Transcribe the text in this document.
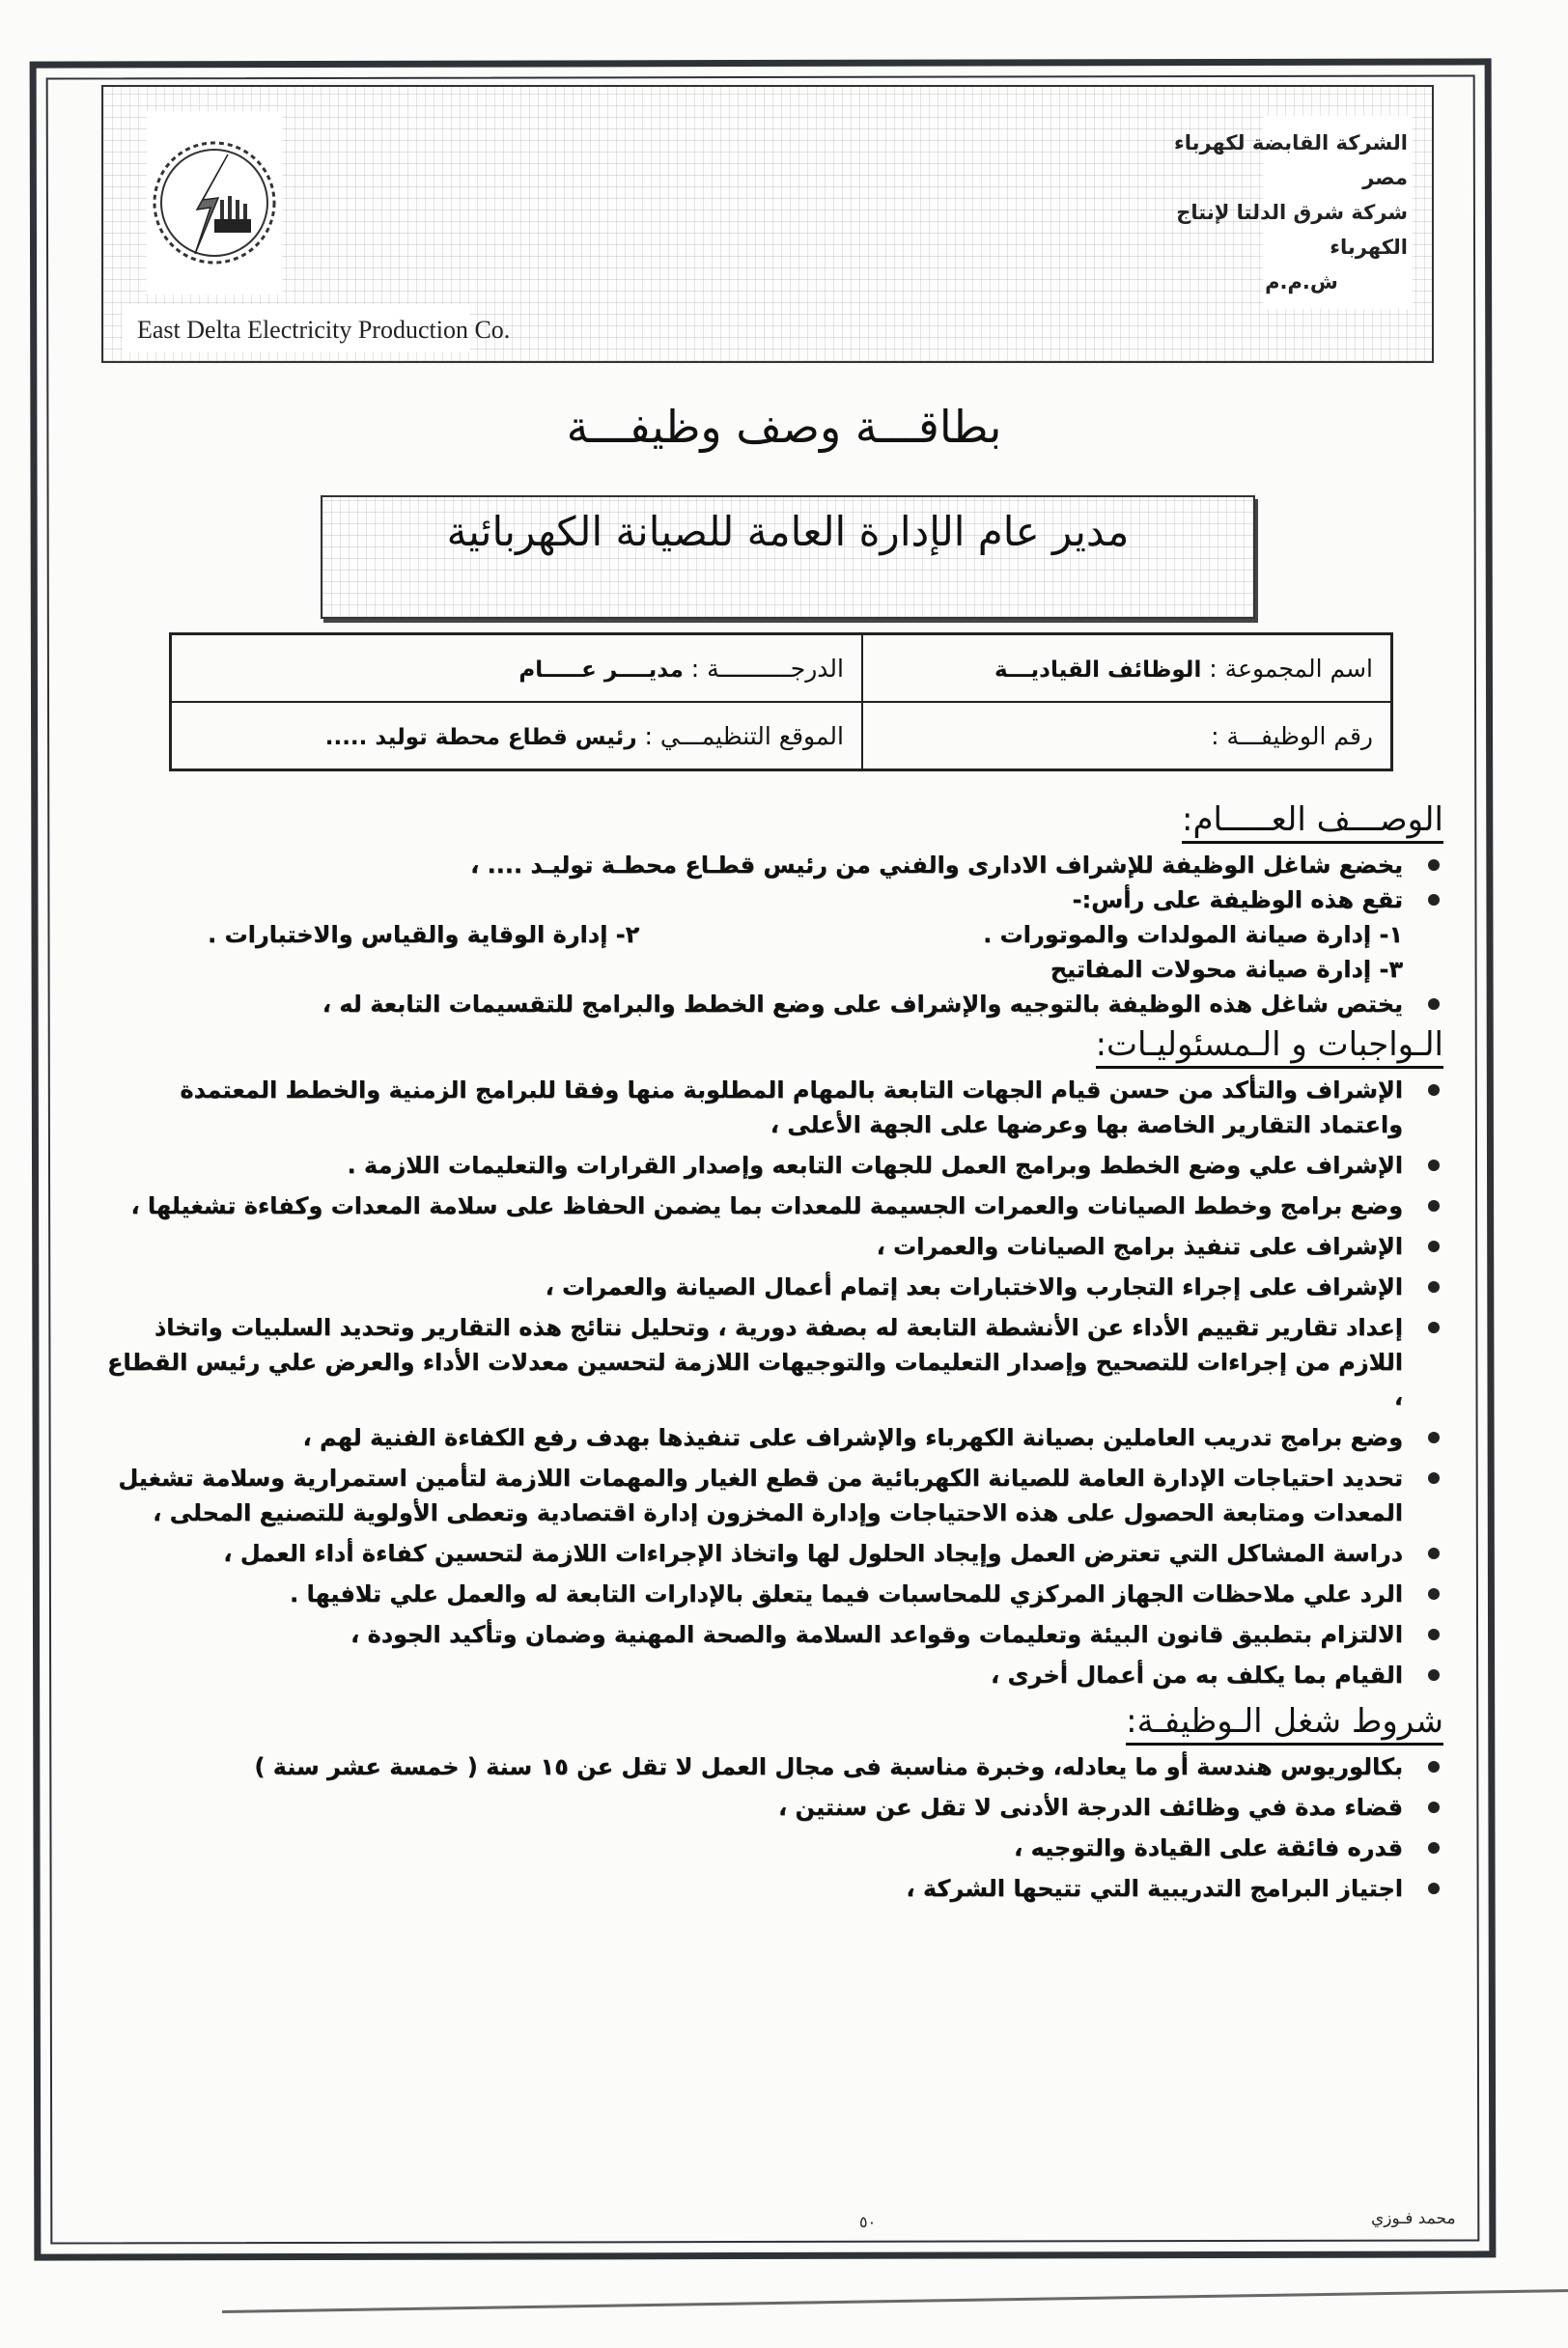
East Delta Electricity Production Co.
الشركة القابضة لكهرباء مصر
شركة شرق الدلتا لإنتاج الكهرباء
ش.م.م
بطاقـــة وصف وظيفـــة
مدير عام الإدارة العامة للصيانة الكهربائية
اسم المجموعة : الوظائف القياديـــة	الدرجــــــــــة : مديــــر عـــــام
رقم الوظيفـــة :	الموقع التنظيمـــي : رئيس قطاع محطة توليد .....
الوصـــف العـــــام:
يخضع شاغل الوظيفة للإشراف الادارى والفني من رئيس قطـاع محطـة توليـد .... ،
تقع هذه الوظيفة على رأس:-
١- إدارة صيانة المولدات والموتورات .
٢- إدارة الوقاية والقياس والاختبارات .
٣- إدارة صيانة محولات المفاتيح
يختص شاغل هذه الوظيفة بالتوجيه والإشراف على وضع الخطط والبرامج للتقسيمات التابعة له ،
الـواجبات و الـمسئوليـات:
الإشراف والتأكد من حسن قيام الجهات التابعة بالمهام المطلوبة منها وفقا للبرامج الزمنية والخطط المعتمدة واعتماد التقارير الخاصة بها وعرضها على الجهة الأعلى ،
الإشراف علي وضع الخطط وبرامج العمل للجهات التابعه وإصدار القرارات والتعليمات اللازمة .
وضع برامج وخطط الصيانات والعمرات الجسيمة للمعدات بما يضمن الحفاظ على سلامة المعدات وكفاءة تشغيلها ،
الإشراف على تنفيذ برامج الصيانات والعمرات ،
الإشراف على إجراء التجارب والاختبارات بعد إتمام أعمال الصيانة والعمرات ،
إعداد تقارير تقييم الأداء عن الأنشطة التابعة له بصفة دورية ، وتحليل نتائج هذه التقارير وتحديد السلبيات واتخاذ اللازم من إجراءات للتصحيح وإصدار التعليمات والتوجيهات اللازمة لتحسين معدلات الأداء والعرض علي رئيس القطاع ،
وضع برامج تدريب العاملين بصيانة الكهرباء والإشراف على تنفيذها بهدف رفع الكفاءة الفنية لهم ،
تحديد احتياجات الإدارة العامة للصيانة الكهربائية من قطع الغيار والمهمات اللازمة لتأمين استمرارية وسلامة تشغيل المعدات ومتابعة الحصول على هذه الاحتياجات وإدارة المخزون إدارة اقتصادية وتعطى الأولوية للتصنيع المحلى ،
دراسة المشاكل التي تعترض العمل وإيجاد الحلول لها واتخاذ الإجراءات اللازمة لتحسين كفاءة أداء العمل ،
الرد علي ملاحظات الجهاز المركزي للمحاسبات فيما يتعلق بالإدارات التابعة له والعمل علي تلافيها .
الالتزام بتطبيق قانون البيئة وتعليمات وقواعد السلامة والصحة المهنية وضمان وتأكيد الجودة ،
القيام بما يكلف به من أعمال أخرى ،
شروط شغل الـوظيفـة:
بكالوريوس هندسة أو ما يعادله، وخبرة مناسبة فى مجال العمل لا تقل عن ١٥ سنة ( خمسة عشر سنة )
قضاء مدة في وظائف الدرجة الأدنى لا تقل عن سنتين ،
قدره فائقة على القيادة والتوجيه ،
اجتياز البرامج التدريبية التي تتيحها الشركة ،
محمد فـوزي
٥٠
